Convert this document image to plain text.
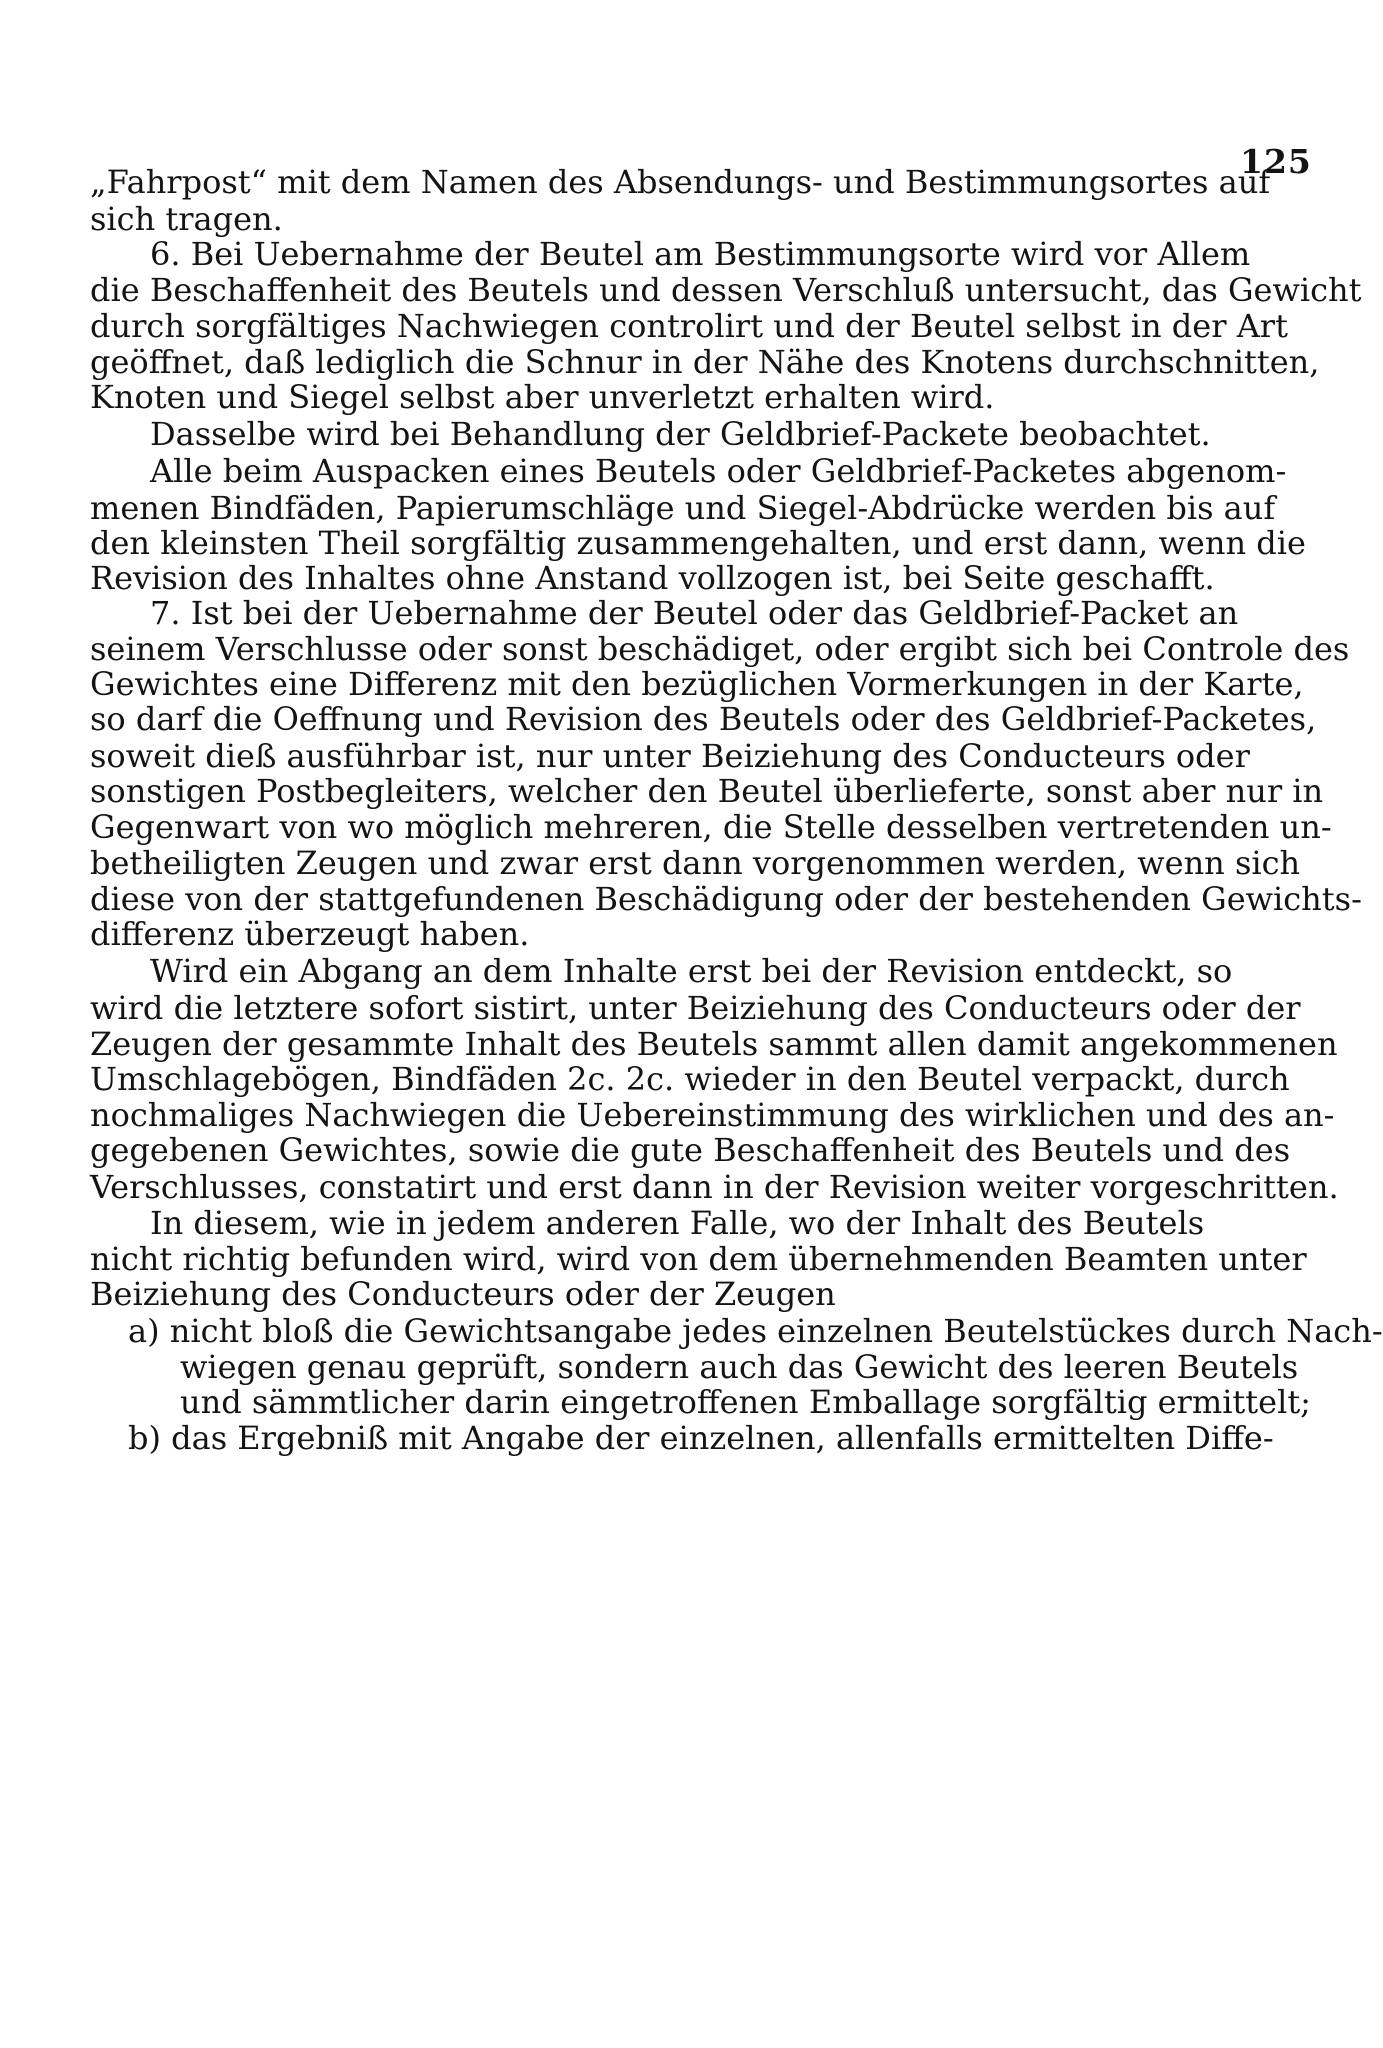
125
„Fahrpost“ mit dem Namen des Absendungs- und Bestimmungsortes auf
sich tragen.
6. Bei Uebernahme der Beutel am Bestimmungsorte wird vor Allem
die Beschaffenheit des Beutels und dessen Verschluß untersucht, das Gewicht
durch sorgfältiges Nachwiegen controlirt und der Beutel selbst in der Art
geöffnet, daß lediglich die Schnur in der Nähe des Knotens durchschnitten,
Knoten und Siegel selbst aber unverletzt erhalten wird.
Dasselbe wird bei Behandlung der Geldbrief-Packete beobachtet.
Alle beim Auspacken eines Beutels oder Geldbrief-Packetes abgenom-
menen Bindfäden, Papierumschläge und Siegel-Abdrücke werden bis auf
den kleinsten Theil sorgfältig zusammengehalten, und erst dann, wenn die
Revision des Inhaltes ohne Anstand vollzogen ist, bei Seite geschafft.
7. Ist bei der Uebernahme der Beutel oder das Geldbrief-Packet an
seinem Verschlusse oder sonst beschädiget, oder ergibt sich bei Controle des
Gewichtes eine Differenz mit den bezüglichen Vormerkungen in der Karte,
so darf die Oeffnung und Revision des Beutels oder des Geldbrief-Packetes,
soweit dieß ausführbar ist, nur unter Beiziehung des Conducteurs oder
sonstigen Postbegleiters, welcher den Beutel überlieferte, sonst aber nur in
Gegenwart von wo möglich mehreren, die Stelle desselben vertretenden un-
betheiligten Zeugen und zwar erst dann vorgenommen werden, wenn sich
diese von der stattgefundenen Beschädigung oder der bestehenden Gewichts-
differenz überzeugt haben.
Wird ein Abgang an dem Inhalte erst bei der Revision entdeckt, so
wird die letztere sofort sistirt, unter Beiziehung des Conducteurs oder der
Zeugen der gesammte Inhalt des Beutels sammt allen damit angekommenen
Umschlagebögen, Bindfäden 2c. 2c. wieder in den Beutel verpackt, durch
nochmaliges Nachwiegen die Uebereinstimmung des wirklichen und des an-
gegebenen Gewichtes, sowie die gute Beschaffenheit des Beutels und des
Verschlusses, constatirt und erst dann in der Revision weiter vorgeschritten.
In diesem, wie in jedem anderen Falle, wo der Inhalt des Beutels
nicht richtig befunden wird, wird von dem übernehmenden Beamten unter
Beiziehung des Conducteurs oder der Zeugen
a) nicht bloß die Gewichtsangabe jedes einzelnen Beutelstückes durch Nach-
wiegen genau geprüft, sondern auch das Gewicht des leeren Beutels
und sämmtlicher darin eingetroffenen Emballage sorgfältig ermittelt;
b) das Ergebniß mit Angabe der einzelnen, allenfalls ermittelten Diffe-
